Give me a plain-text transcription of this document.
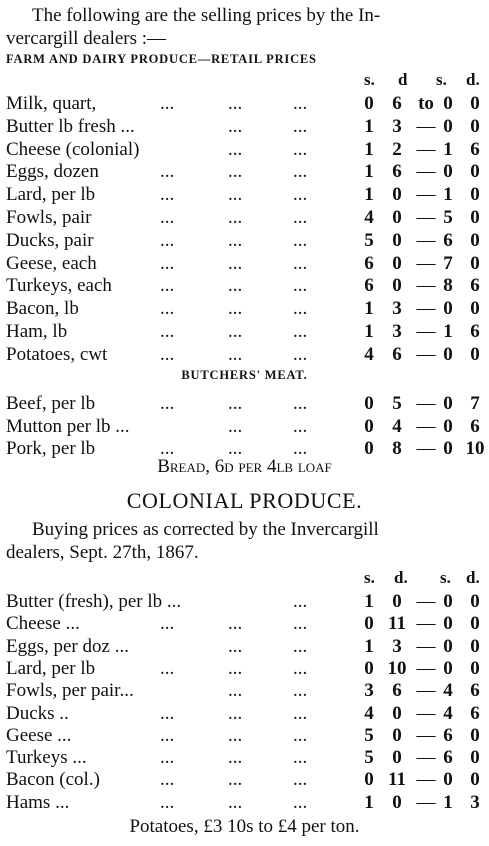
The following are the selling prices by the In-
vercargill dealers :—
FARM AND DAIRY PRODUCE—RETAIL PRICES
s. d s. d.
Milk, quart,	...	...	...	0 6 to 0 0
Butter lb fresh ...	...	...	1 3 — 0 0
Cheese (colonial)	...	...	1 2 — 1 6
Eggs, dozen	...	...	...	1 6 — 0 0
Lard, per lb	...	...	...	1 0 — 1 0
Fowls, pair	...	...	...	4 0 — 5 0
Ducks, pair	...	...	...	5 0 — 6 0
Geese, each	...	...	...	6 0 — 7 0
Turkeys, each	...	...	...	6 0 — 8 6
Bacon, lb	...	...	...	1 3 — 0 0
Ham, lb	...	...	...	1 3 — 1 6
Potatoes, cwt	...	...	...	4 6 — 0 0
BUTCHERS' MEAT.
Beef, per lb	...	...	...	0 5 — 0 7
Mutton per lb ...	...	...	0 4 — 0 6
Pork, per lb	...	...	...	0 8 — 0 10
Bread, 6d per 4lb loaf
COLONIAL PRODUCE.
Buying prices as corrected by the Invercargill
dealers, Sept. 27th, 1867.
s. d. s. d.
Butter (fresh), per lb ...	...	1 0 — 0 0
Cheese ...	...	...	...	0 11 — 0 0
Eggs, per doz ...	...	...	1 3 — 0 0
Lard, per lb	...	...	...	0 10 — 0 0
Fowls, per pair...	...	...	3 6 — 4 6
Ducks ..	...	...	...	4 0 — 4 6
Geese ...	...	...	...	5 0 — 6 0
Turkeys ...	...	...	...	5 0 — 6 0
Bacon (col.)	...	...	...	0 11 — 0 0
Hams ...	...	...	...	1 0 — 1 3
Potatoes, £3 10s to £4 per ton.
